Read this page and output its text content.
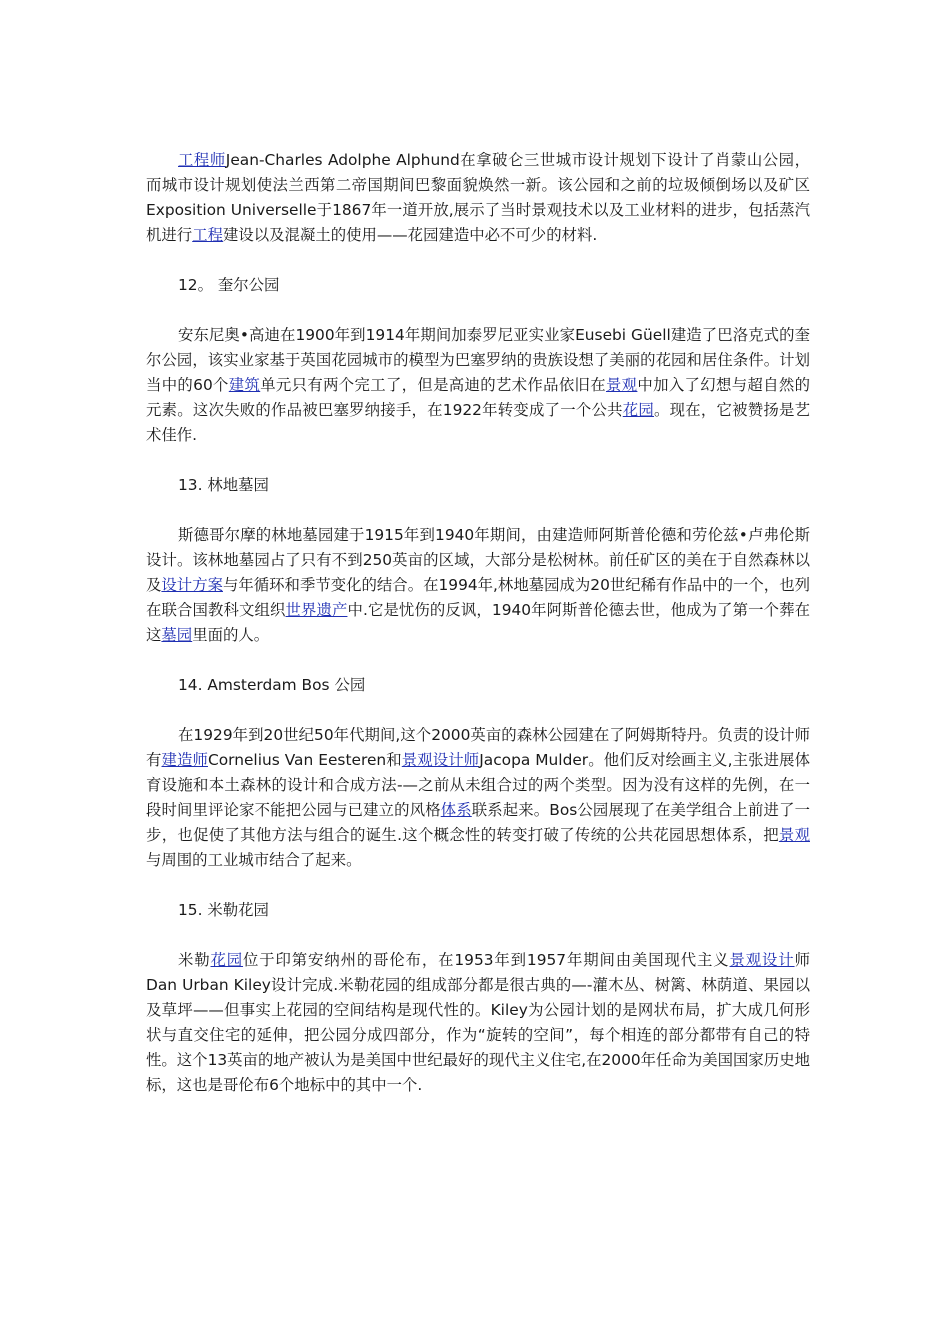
工程师Jean-Charles Adolphe Alphund在拿破仑三世城市设计规划下设计了肖蒙山公园，而城市设计规划使法兰西第二帝国期间巴黎面貌焕然一新。该公园和之前的垃圾倾倒场以及矿区Exposition Universelle于1867年一道开放,展示了当时景观技术以及工业材料的进步，包括蒸汽机进行工程建设以及混凝土的使用——花园建造中必不可少的材料.

12。 奎尔公园

安东尼奥•高迪在1900年到1914年期间加泰罗尼亚实业家Eusebi Güell建造了巴洛克式的奎尔公园，该实业家基于英国花园城市的模型为巴塞罗纳的贵族设想了美丽的花园和居住条件。计划当中的60个建筑单元只有两个完工了，但是高迪的艺术作品依旧在景观中加入了幻想与超自然的元素。这次失败的作品被巴塞罗纳接手，在1922年转变成了一个公共花园。现在，它被赞扬是艺术佳作.

13. 林地墓园

斯德哥尔摩的林地墓园建于1915年到1940年期间，由建造师阿斯普伦德和劳伦兹•卢弗伦斯设计。该林地墓园占了只有不到250英亩的区域，大部分是松树林。前任矿区的美在于自然森林以及设计方案与年循环和季节变化的结合。在1994年,林地墓园成为20世纪稀有作品中的一个，也列在联合国教科文组织世界遗产中.它是忧伤的反讽，1940年阿斯普伦德去世，他成为了第一个葬在这墓园里面的人。

14. Amsterdam Bos 公园

在1929年到20世纪50年代期间,这个2000英亩的森林公园建在了阿姆斯特丹。负责的设计师有建造师Cornelius Van Eesteren和景观设计师Jacopa Mulder。他们反对绘画主义,主张进展体育设施和本土森林的设计和合成方法-—之前从未组合过的两个类型。因为没有这样的先例，在一段时间里评论家不能把公园与已建立的风格体系联系起来。Bos公园展现了在美学组合上前进了一步，也促使了其他方法与组合的诞生.这个概念性的转变打破了传统的公共花园思想体系，把景观与周围的工业城市结合了起来。

15. 米勒花园

米勒花园位于印第安纳州的哥伦布，在1953年到1957年期间由美国现代主义景观设计师Dan Urban Kiley设计完成.米勒花园的组成部分都是很古典的—-灌木丛、树篱、林荫道、果园以及草坪——但事实上花园的空间结构是现代性的。Kiley为公园计划的是网状布局，扩大成几何形状与直交住宅的延伸，把公园分成四部分，作为“旋转的空间”，每个相连的部分都带有自己的特性。这个13英亩的地产被认为是美国中世纪最好的现代主义住宅,在2000年任命为美国国家历史地标，这也是哥伦布6个地标中的其中一个.
